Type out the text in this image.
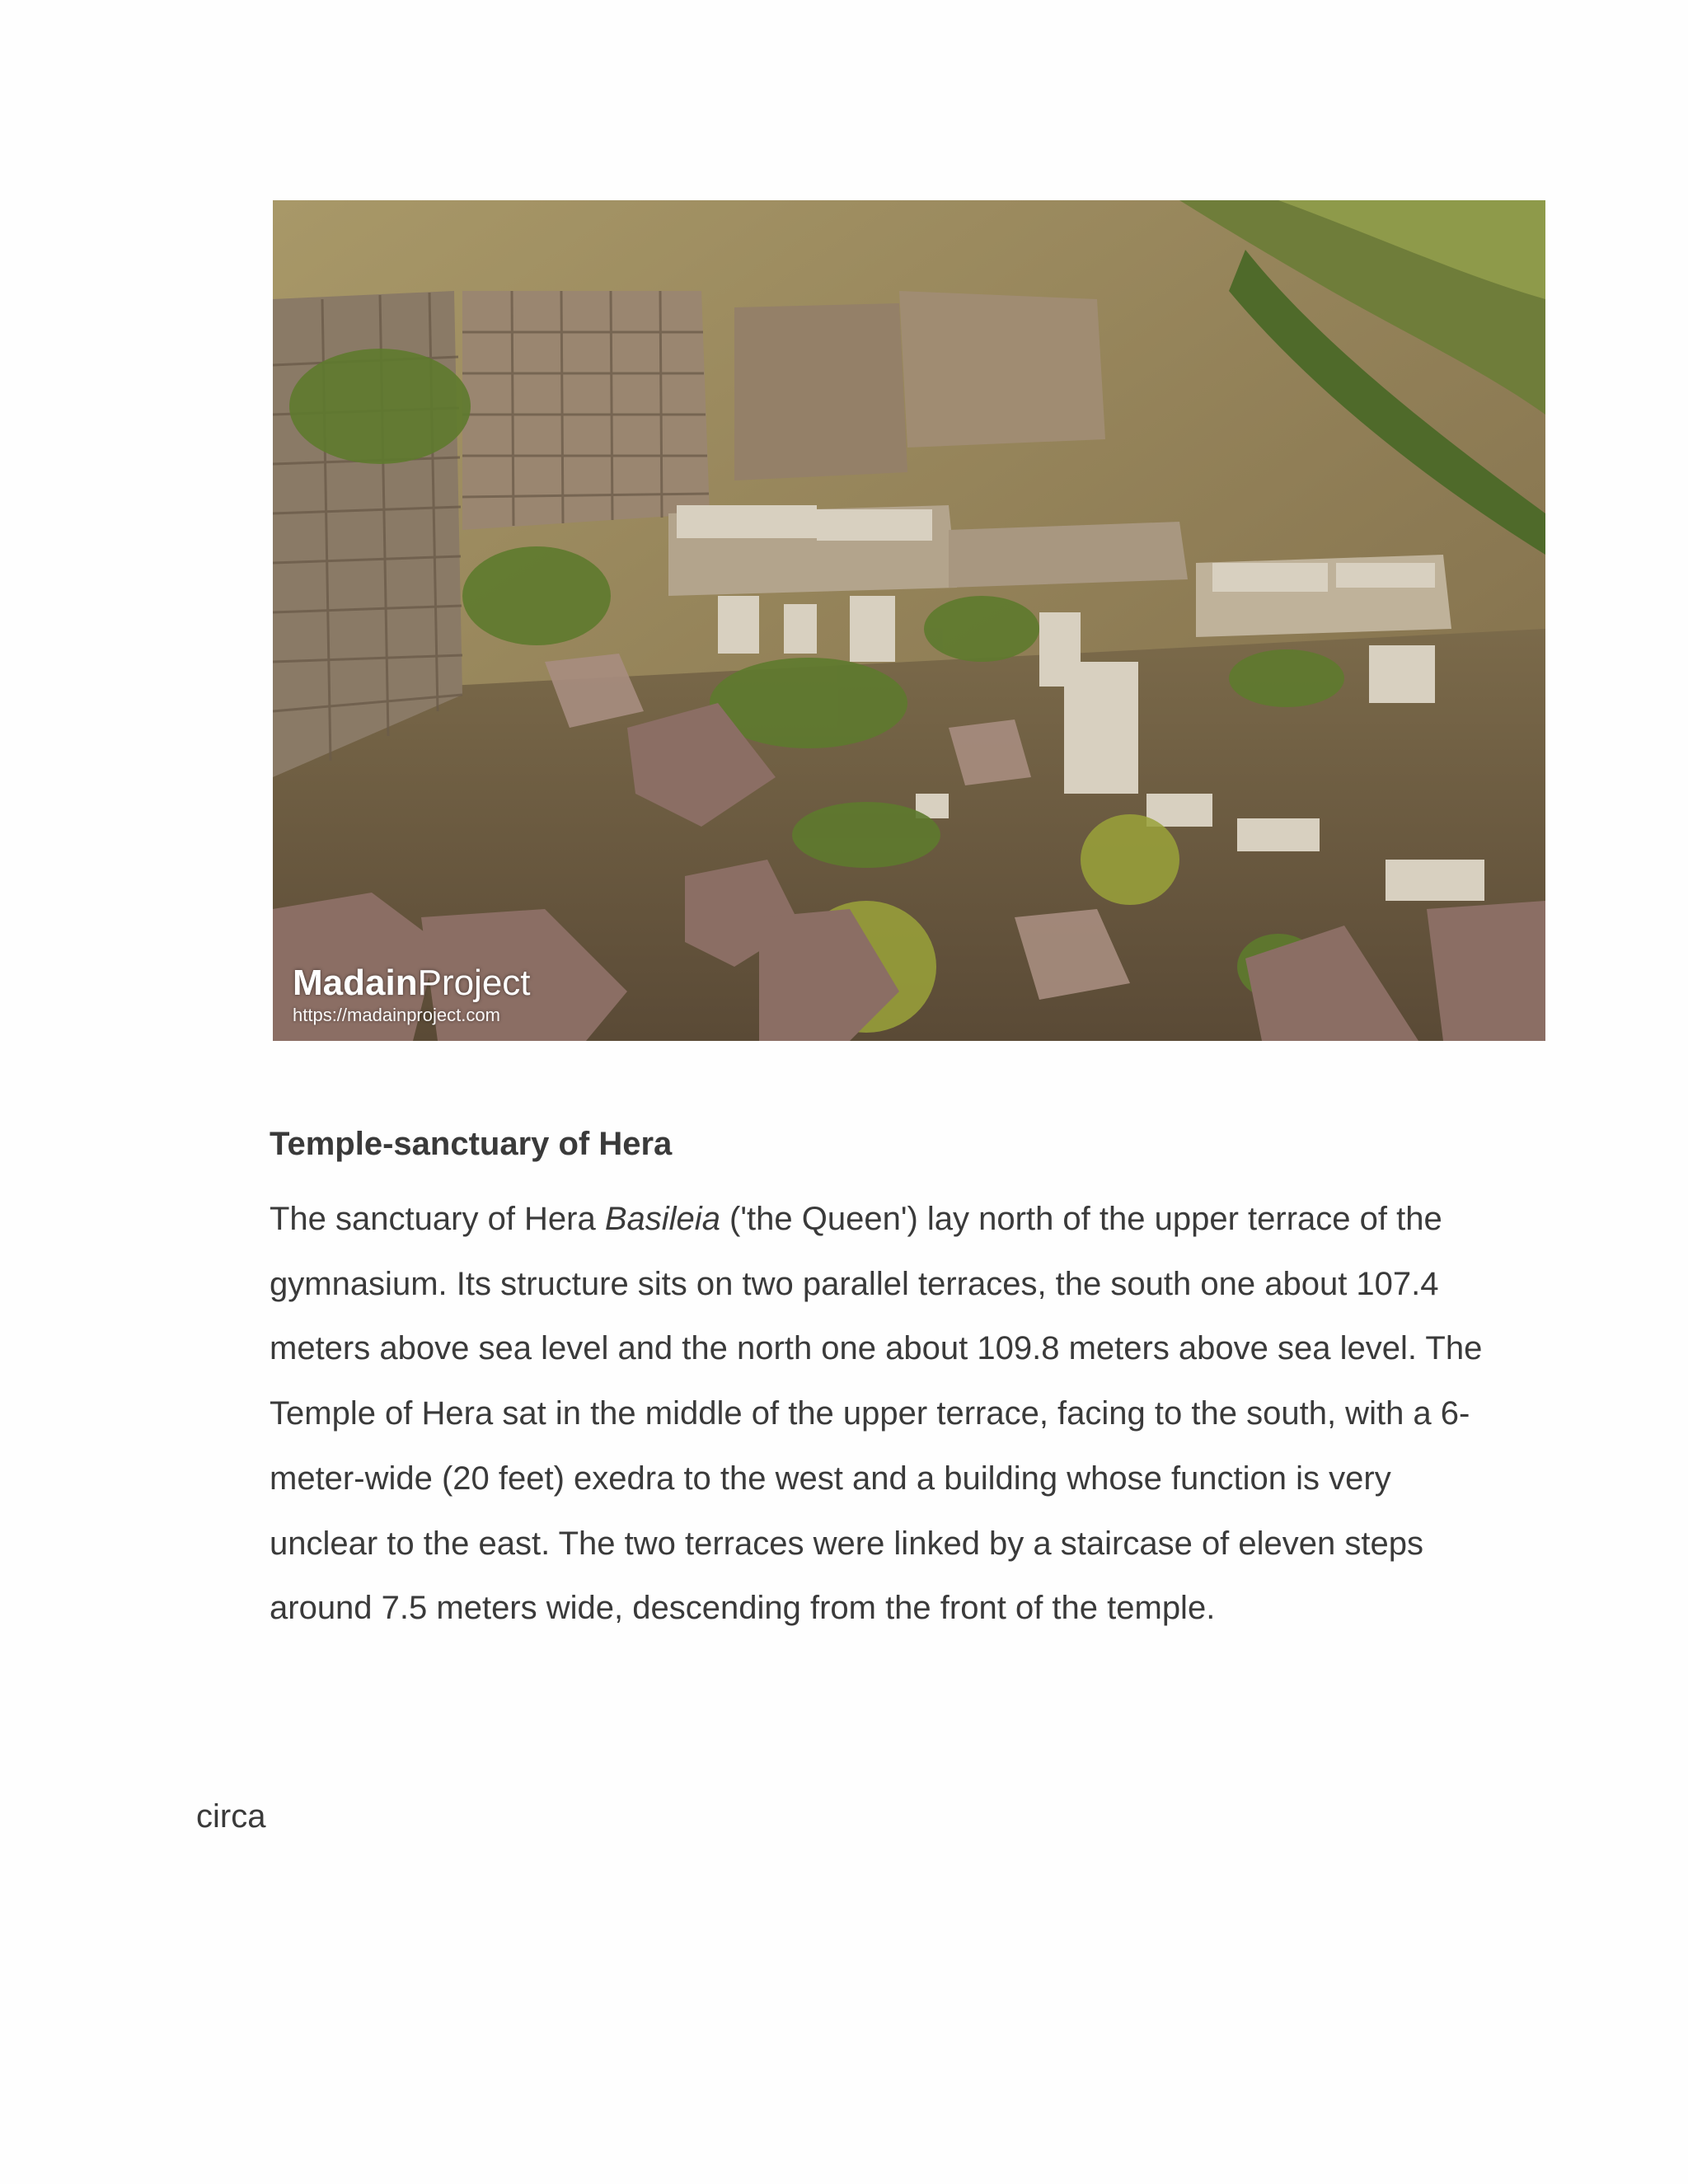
MadainProject
https://madainproject.com
Temple-sanctuary of Hera

The sanctuary of Hera Basileia ('the Queen') lay north of the upper terrace of the gymnasium. Its structure sits on two parallel terraces, the south one about 107.4 meters above sea level and the north one about 109.8 meters above sea level. The Temple of Hera sat in the middle of the upper terrace, facing to the south, with a 6-meter-wide (20 feet) exedra to the west and a building whose function is very unclear to the east. The two terraces were linked by a staircase of eleven steps around 7.5 meters wide, descending from the front of the temple.

circa
